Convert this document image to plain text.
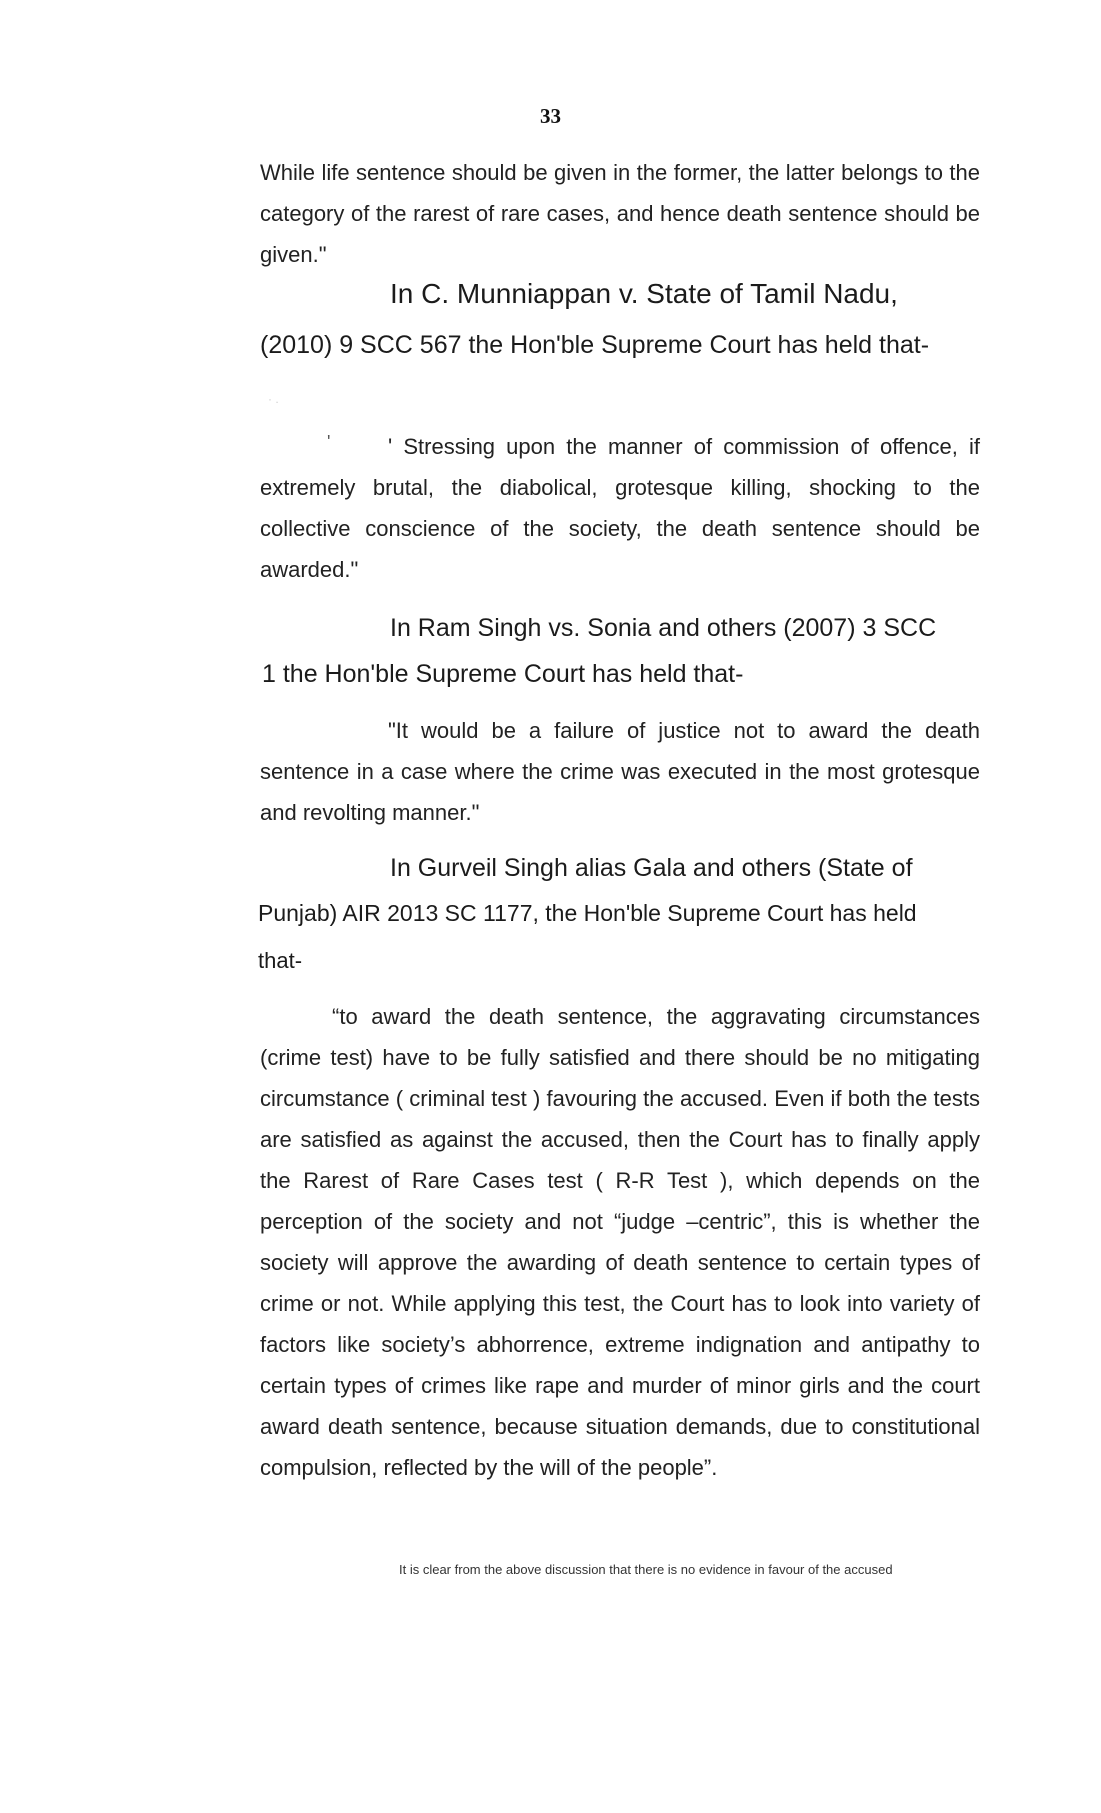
33
While life sentence should be given in the former, the latter belongs to the category of the rarest of rare cases, and hence death sentence should be given."
In C. Munniappan v. State of Tamil Nadu,
(2010) 9 SCC 567 the Hon'ble Supreme Court has held that-
· .
'	' Stressing upon the manner of commission of offence, if extremely brutal, the diabolical, grotesque killing, shocking to the collective conscience of the society, the death sentence should be awarded."
In Ram Singh vs. Sonia and others (2007) 3 SCC
1 the Hon'ble Supreme Court has held that-
"It would be a failure of justice not to award the death sentence in a case where the crime was executed in the most grotesque and revolting manner."
In Gurveil Singh alias Gala and others (State of
Punjab) AIR 2013 SC 1177, the Hon'ble Supreme Court has held
that-
“to award the death sentence, the aggravating circumstances (crime test) have to be fully satisfied and there should be no mitigating circumstance ( criminal test ) favouring the accused. Even if both the tests are satisfied as against the accused, then the Court has to finally apply the Rarest of Rare Cases test ( R-R Test ), which depends on the perception of the society and not “judge –centric”, this is whether the society will approve the awarding of death sentence to certain types of crime or not. While applying this test, the Court has to look into variety of factors like society’s abhorrence, extreme indignation and antipathy to certain types of crimes like rape and murder of minor girls and the court award death sentence, because situation demands, due to constitutional compulsion, reflected by the will of the people”.
It is clear from the above discussion that there is no evidence in favour of the accused
